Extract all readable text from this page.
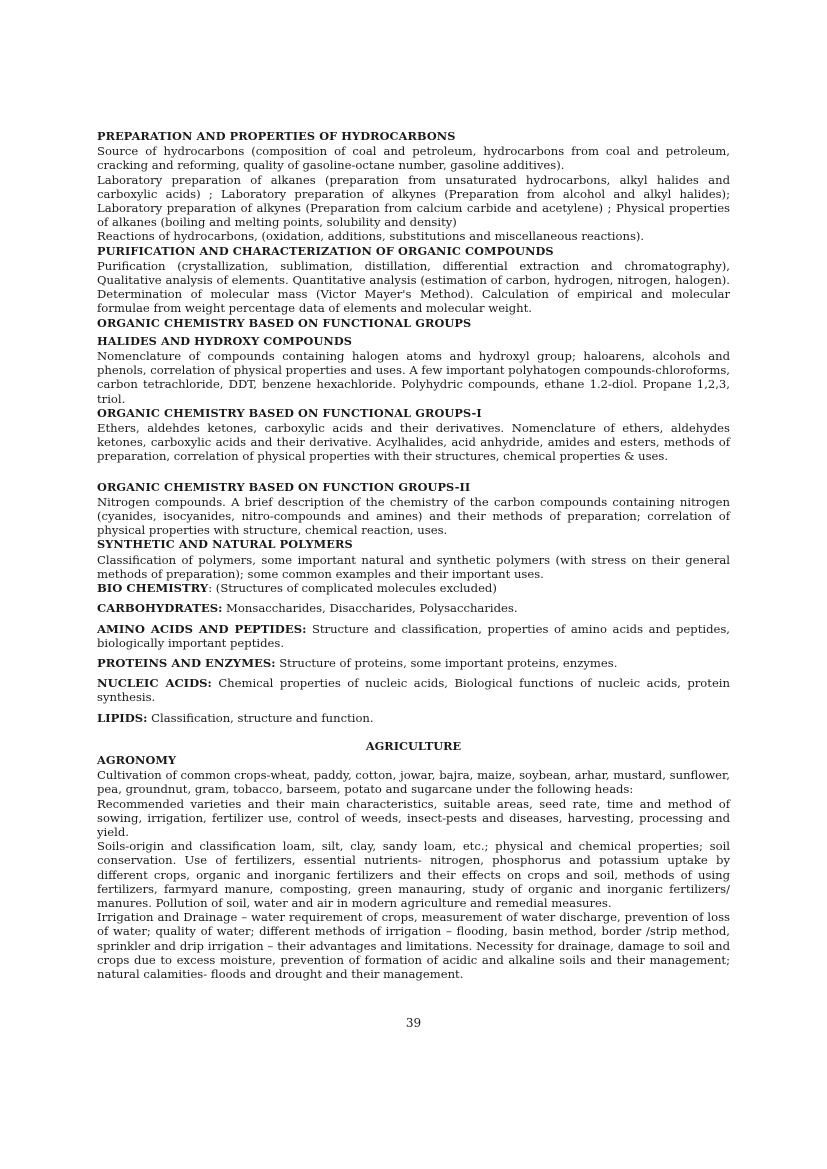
PREPARATION AND PROPERTIES OF HYDROCARBONS

Source of hydrocarbons (composition of coal and petroleum, hydrocarbons from coal and petroleum, cracking and reforming, quality of gasoline-octane number, gasoline additives).

Laboratory preparation of alkanes (preparation from unsaturated hydrocarbons, alkyl halides and carboxylic acids) ; Laboratory preparation of alkynes (Preparation from alcohol and alkyl halides); Laboratory preparation of alkynes (Preparation from calcium carbide and acetylene) ; Physical properties of alkanes (boiling and melting points, solubility and density)

Reactions of hydrocarbons, (oxidation, additions, substitutions and miscellaneous reactions).

PURIFICATION AND CHARACTERIZATION OF ORGANIC COMPOUNDS

Purification (crystallization, sublimation, distillation, differential extraction and chromatography), Qualitative analysis of elements. Quantitative analysis (estimation of carbon, hydrogen, nitrogen, halogen). Determination of molecular mass (Victor Mayer's Method). Calculation of empirical and molecular formulae from weight percentage data of elements and molecular weight.

ORGANIC CHEMISTRY BASED ON FUNCTIONAL GROUPS

HALIDES AND HYDROXY COMPOUNDS

Nomenclature of compounds containing halogen atoms and hydroxyl group; haloarens, alcohols and phenols, correlation of physical properties and uses. A few important polyhatogen compounds-chloroforms, carbon tetrachloride, DDT, benzene hexachloride. Polyhydric compounds, ethane 1.2-diol. Propane 1,2,3, triol.

ORGANIC CHEMISTRY BASED ON FUNCTIONAL GROUPS-I

Ethers, aldehdes ketones, carboxylic acids and their derivatives. Nomenclature of ethers, aldehydes ketones, carboxylic acids and their derivative. Acylhalides, acid anhydride, amides and esters, methods of preparation, correlation of physical properties with their structures, chemical properties & uses.

ORGANIC CHEMISTRY BASED ON FUNCTION GROUPS-II

Nitrogen compounds. A brief description of the chemistry of the carbon compounds containing nitrogen (cyanides, isocyanides, nitro-compounds and amines) and their methods of preparation; correlation of physical properties with structure, chemical reaction, uses.

SYNTHETIC AND NATURAL POLYMERS

Classification of polymers, some important natural and synthetic polymers (with stress on their general methods of preparation); some common examples and their important uses.

BIO CHEMISTRY: (Structures of complicated molecules excluded)

CARBOHYDRATES: Monsaccharides, Disaccharides, Polysaccharides.

AMINO ACIDS AND PEPTIDES: Structure and classification, properties of amino acids and peptides, biologically important peptides.

PROTEINS AND ENZYMES: Structure of proteins, some important proteins, enzymes.

NUCLEIC ACIDS: Chemical properties of nucleic acids, Biological functions of nucleic acids, protein synthesis.

LIPIDS: Classification, structure and function.

AGRICULTURE

AGRONOMY

Cultivation of common crops-wheat, paddy, cotton, jowar, bajra, maize, soybean, arhar, mustard, sunflower, pea, groundnut, gram, tobacco, barseem, potato and sugarcane under the following heads:

Recommended varieties and their main characteristics, suitable areas, seed rate, time and method of sowing, irrigation, fertilizer use, control of weeds, insect-pests and diseases, harvesting, processing and yield.

Soils-origin and classification loam, silt, clay, sandy loam, etc.; physical and chemical properties; soil conservation. Use of fertilizers, essential nutrients- nitrogen, phosphorus and potassium uptake by different crops, organic and inorganic fertilizers and their effects on crops and soil, methods of using fertilizers, farmyard manure, composting, green manauring, study of organic and inorganic fertilizers/ manures. Pollution of soil, water and air in modern agriculture and remedial measures.

Irrigation and Drainage – water requirement of crops, measurement of water discharge, prevention of loss of water; quality of water; different methods of irrigation – flooding, basin method, border /strip method, sprinkler and drip irrigation – their advantages and limitations. Necessity for drainage, damage to soil and crops due to excess moisture, prevention of formation of acidic and alkaline soils and their management; natural calamities- floods and drought and their management.

39
